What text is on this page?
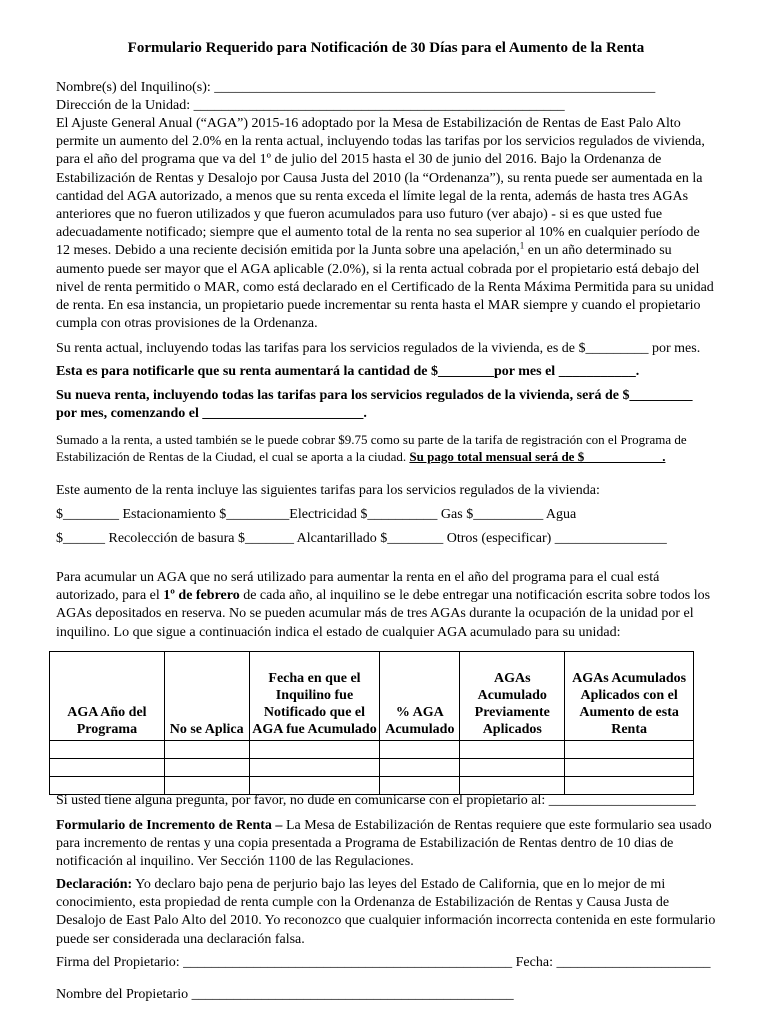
Formulario Requerido para Notificación de 30 Días para el Aumento de la Renta
Nombre(s) del Inquilino(s): _______________________________________________________________
Dirección de la Unidad: _____________________________________________________
El Ajuste General Anual (“AGA”) 2015-16 adoptado por la Mesa de Estabilización de Rentas de East Palo Alto permite un aumento del 2.0% en la renta actual, incluyendo todas las tarifas por los servicios regulados de vivienda, para el año del programa que va del 1º de julio del 2015 hasta el 30 de junio del 2016. Bajo la Ordenanza de Estabilización de Rentas y Desalojo por Causa Justa del 2010 (la “Ordenanza”), su renta puede ser aumentada en la cantidad del AGA autorizado, a menos que su renta exceda el límite legal de la renta, además de hasta tres AGAs anteriores que no fueron utilizados y que fueron acumulados para uso futuro (ver abajo) - si es que usted fue adecuadamente notificado; siempre que el aumento total de la renta no sea superior al 10% en cualquier período de 12 meses. Debido a una reciente decisión emitida por la Junta sobre una apelación,$^1$ en un año determinado su aumento puede ser mayor que el AGA aplicable (2.0%), si la renta actual cobrada por el propietario está debajo del nivel de renta permitido o MAR, como está declarado en el Certificado de la Renta Máxima Permitida para su unidad de renta. En esa instancia, un propietario puede incrementar su renta hasta el MAR siempre y cuando el propietario cumpla con otras provisiones de la Ordenanza.
Su renta actual, incluyendo todas las tarifas para los servicios regulados de la vivienda, es de $_________ por mes.
Esta es para notificarle que su renta aumentará la cantidad de $________por mes el ___________.
Su nueva renta, incluyendo todas las tarifas para los servicios regulados de la vivienda, será de $_________ por mes, comenzando el _______________________.
Sumado a la renta, a usted también se le puede cobrar $9.75 como su parte de la tarifa de registración con el Programa de Estabilización de Rentas de la Ciudad, el cual se aporta a la ciudad. Su pago total mensual será de $____________.
Este aumento de la renta incluye las siguientes tarifas para los servicios regulados de la vivienda:
$________ Estacionamiento $_________Electricidad $__________ Gas $__________ Agua
$______ Recolección de basura $_______ Alcantarillado $________ Otros (especificar) ________________
Para acumular un AGA que no será utilizado para aumentar la renta en el año del programa para el cual está autorizado, para el 1º de febrero de cada año, al inquilino se le debe entregar una notificación escrita sobre todos los AGAs depositados en reserva. No se pueden acumular más de tres AGAs durante la ocupación de la unidad por el inquilino. Lo que sigue a continuación indica el estado de cualquier AGA acumulado para su unidad:
AGA Año del Programa	No se Aplica	Fecha en que el Inquilino fue Notificado que el AGA fue Acumulado	% AGA Acumulado	AGAs Acumulado Previamente Aplicados	AGAs Acumulados Aplicados con el Aumento de esta Renta

Si usted tiene alguna pregunta, por favor, no dude en comunicarse con el propietario al: _____________________
Formulario de Incremento de Renta – La Mesa de Estabilización de Rentas requiere que este formulario sea usado para incremento de rentas y una copia presentada a Programa de Estabilización de Rentas dentro de 10 dias de notificación al inquilino. Ver Sección 1100 de las Regulaciones.
Declaración: Yo declaro bajo pena de perjurio bajo las leyes del Estado de California, que en lo mejor de mi conocimiento, esta propiedad de renta cumple con la Ordenanza de Estabilización de Rentas y Causa Justa de Desalojo de East Palo Alto del 2010. Yo reconozco que cualquier información incorrecta contenida en este formulario puede ser considerada una declaración falsa.
Firma del Propietario: _______________________________________________ Fecha: ______________________
Nombre del Propietario ______________________________________________
